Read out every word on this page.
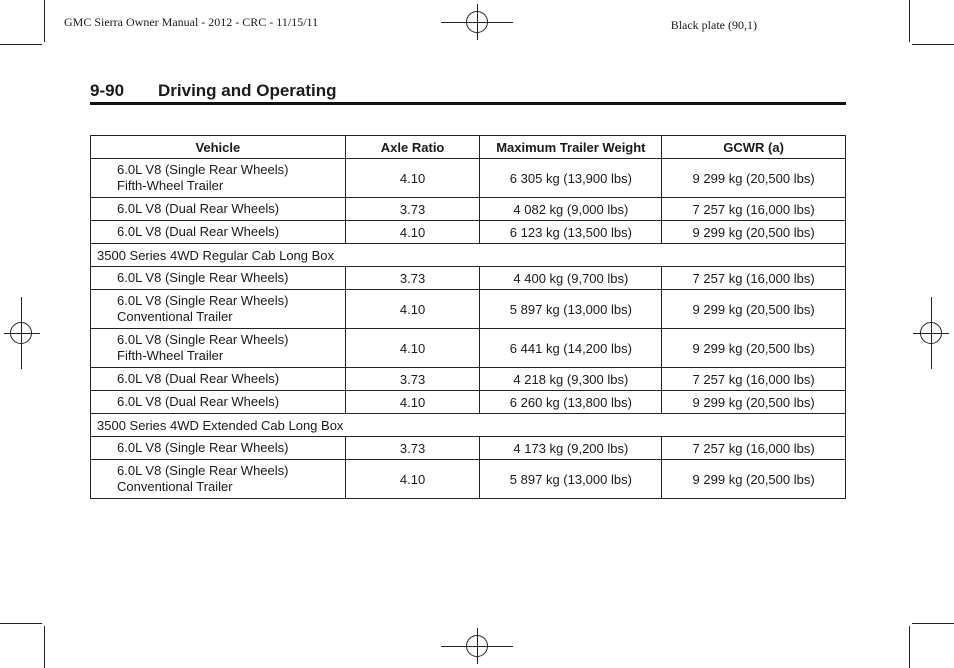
GMC Sierra Owner Manual - 2012 - CRC - 11/15/11	Black plate (90,1)
9-90 Driving and Operating
Vehicle	Axle Ratio	Maximum Trailer Weight	GCWR (a)

6.0L V8 (Single Rear Wheels)
Fifth-Wheel Trailer	4.10	6 305 kg (13,900 lbs)	9 299 kg (20,500 lbs)

6.0L V8 (Dual Rear Wheels)	3.73	4 082 kg (9,000 lbs)	7 257 kg (16,000 lbs)

6.0L V8 (Dual Rear Wheels)	4.10	6 123 kg (13,500 lbs)	9 299 kg (20,500 lbs)
3500 Series 4WD Regular Cab Long Box			

6.0L V8 (Single Rear Wheels)	3.73	4 400 kg (9,700 lbs)	7 257 kg (16,000 lbs)

6.0L V8 (Single Rear Wheels)
Conventional Trailer	4.10	5 897 kg (13,000 lbs)	9 299 kg (20,500 lbs)

6.0L V8 (Single Rear Wheels)
Fifth-Wheel Trailer	4.10	6 441 kg (14,200 lbs)	9 299 kg (20,500 lbs)

6.0L V8 (Dual Rear Wheels)	3.73	4 218 kg (9,300 lbs)	7 257 kg (16,000 lbs)

6.0L V8 (Dual Rear Wheels)	4.10	6 260 kg (13,800 lbs)	9 299 kg (20,500 lbs)
3500 Series 4WD Extended Cab Long Box			

6.0L V8 (Single Rear Wheels)	3.73	4 173 kg (9,200 lbs)	7 257 kg (16,000 lbs)

6.0L V8 (Single Rear Wheels)
Conventional Trailer	4.10	5 897 kg (13,000 lbs)	9 299 kg (20,500 lbs)
